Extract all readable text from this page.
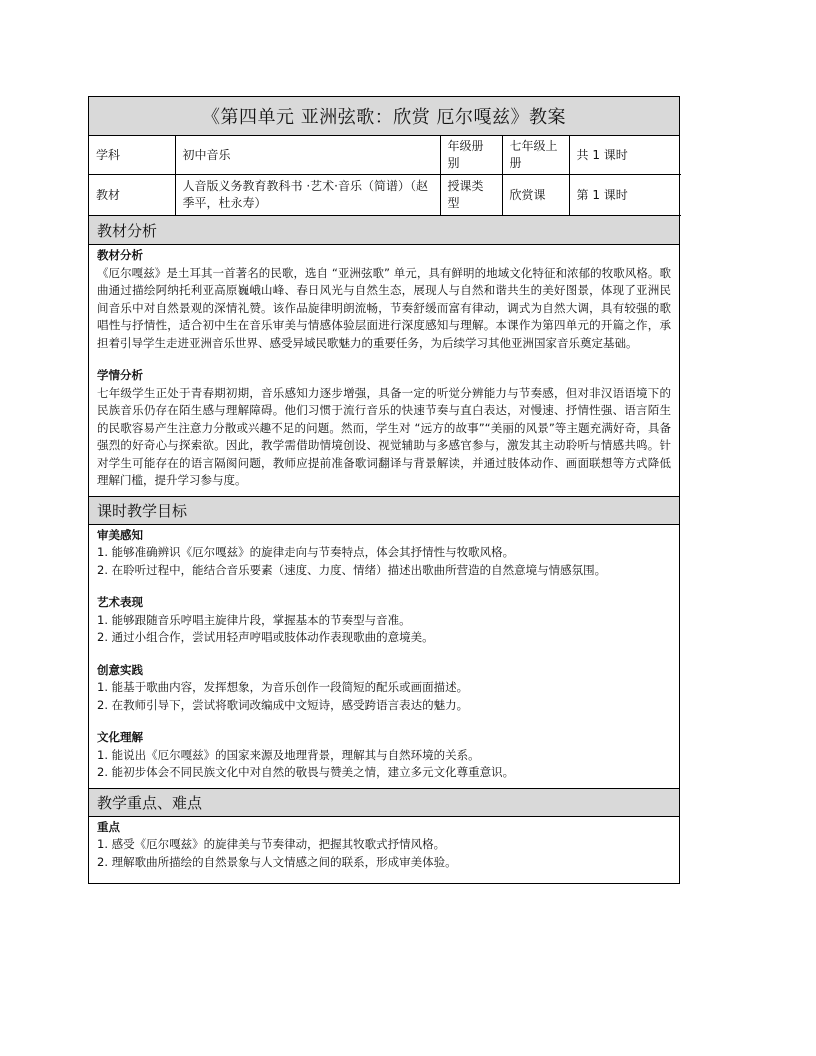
《第四单元 亚洲弦歌：欣赏 厄尔嘎兹》教案
学科	初中音乐	年级册别	七年级上册	共 1 课时
教材	人音版义务教育教科书 ·艺术·音乐（简谱）（赵季平，杜永寿）	授课类型	欣赏课	第 1 课时
教材分析
教材分析
《厄尔嘎兹》是土耳其一首著名的民歌，选自 “亚洲弦歌” 单元，具有鲜明的地域文化特征和浓郁的牧歌风格。歌曲通过描绘阿纳托利亚高原巍峨山峰、春日风光与自然生态，展现人与自然和谐共生的美好图景，体现了亚洲民间音乐中对自然景观的深情礼赞。该作品旋律明朗流畅，节奏舒缓而富有律动，调式为自然大调，具有较强的歌唱性与抒情性，适合初中生在音乐审美与情感体验层面进行深度感知与理解。本课作为第四单元的开篇之作，承担着引导学生走进亚洲音乐世界、感受异域民歌魅力的重要任务，为后续学习其他亚洲国家音乐奠定基础。
学情分析
七年级学生正处于青春期初期，音乐感知力逐步增强，具备一定的听觉分辨能力与节奏感，但对非汉语语境下的民族音乐仍存在陌生感与理解障碍。他们习惯于流行音乐的快速节奏与直白表达，对慢速、抒情性强、语言陌生的民歌容易产生注意力分散或兴趣不足的问题。然而，学生对 “远方的故事”“美丽的风景”等主题充满好奇，具备强烈的好奇心与探索欲。因此，教学需借助情境创设、视觉辅助与多感官参与，激发其主动聆听与情感共鸣。针对学生可能存在的语言隔阂问题，教师应提前准备歌词翻译与背景解读，并通过肢体动作、画面联想等方式降低理解门槛，提升学习参与度。
课时教学目标
审美感知
1. 能够准确辨识《厄尔嘎兹》的旋律走向与节奏特点，体会其抒情性与牧歌风格。
2. 在聆听过程中，能结合音乐要素（速度、力度、情绪）描述出歌曲所营造的自然意境与情感氛围。
艺术表现
1. 能够跟随音乐哼唱主旋律片段，掌握基本的节奏型与音准。
2. 通过小组合作，尝试用轻声哼唱或肢体动作表现歌曲的意境美。
创意实践
1. 能基于歌曲内容，发挥想象，为音乐创作一段简短的配乐或画面描述。
2. 在教师引导下，尝试将歌词改编成中文短诗，感受跨语言表达的魅力。
文化理解
1. 能说出《厄尔嘎兹》的国家来源及地理背景，理解其与自然环境的关系。
2. 能初步体会不同民族文化中对自然的敬畏与赞美之情，建立多元文化尊重意识。
教学重点、难点
重点
1. 感受《厄尔嘎兹》的旋律美与节奏律动，把握其牧歌式抒情风格。
2. 理解歌曲所描绘的自然景象与人文情感之间的联系，形成审美体验。
